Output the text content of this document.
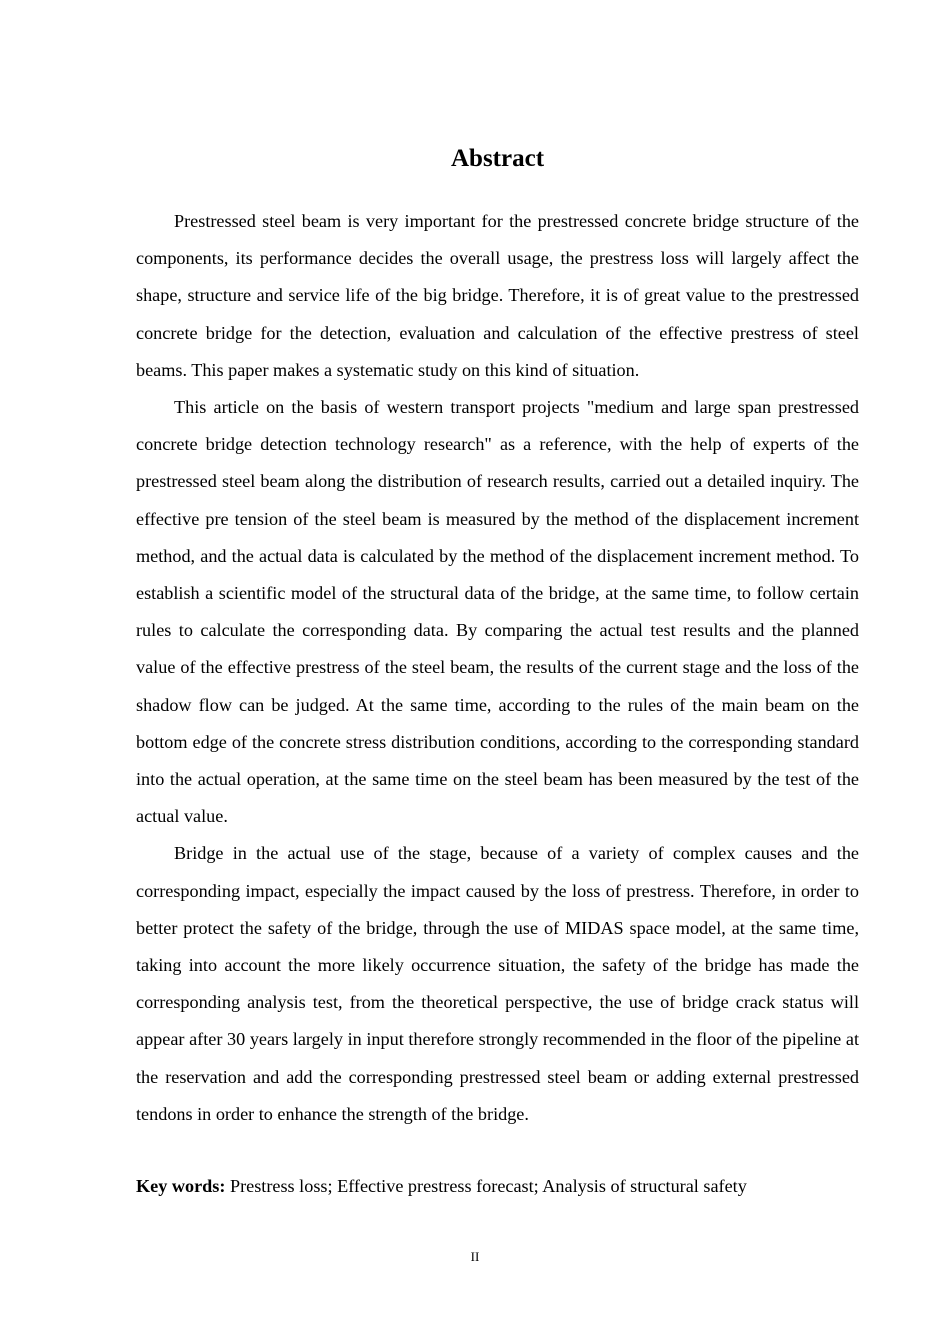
Abstract

Prestressed steel beam is very important for the prestressed concrete bridge structure of the components, its performance decides the overall usage, the prestress loss will largely affect the shape, structure and service life of the big bridge. Therefore, it is of great value to the prestressed concrete bridge for the detection, evaluation and calculation of the effective prestress of steel beams. This paper makes a systematic study on this kind of situation.

This article on the basis of western transport projects "medium and large span prestressed concrete bridge detection technology research" as a reference, with the help of experts of the prestressed steel beam along the distribution of research results, carried out a detailed inquiry. The effective pre tension of the steel beam is measured by the method of the displacement increment method, and the actual data is calculated by the method of the displacement increment method. To establish a scientific model of the structural data of the bridge, at the same time, to follow certain rules to calculate the corresponding data. By comparing the actual test results and the planned value of the effective prestress of the steel beam, the results of the current stage and the loss of the shadow flow can be judged. At the same time, according to the rules of the main beam on the bottom edge of the concrete stress distribution conditions, according to the corresponding standard into the actual operation, at the same time on the steel beam has been measured by the test of the actual value.

Bridge in the actual use of the stage, because of a variety of complex causes and the corresponding impact, especially the impact caused by the loss of prestress. Therefore, in order to better protect the safety of the bridge, through the use of MIDAS space model, at the same time, taking into account the more likely occurrence situation, the safety of the bridge has made the corresponding analysis test, from the theoretical perspective, the use of bridge crack status will appear after 30 years largely in input therefore strongly recommended in the floor of the pipeline at the reservation and add the corresponding prestressed steel beam or adding external prestressed tendons in order to enhance the strength of the bridge.

Key words: Prestress loss; Effective prestress forecast; Analysis of structural safety
II
